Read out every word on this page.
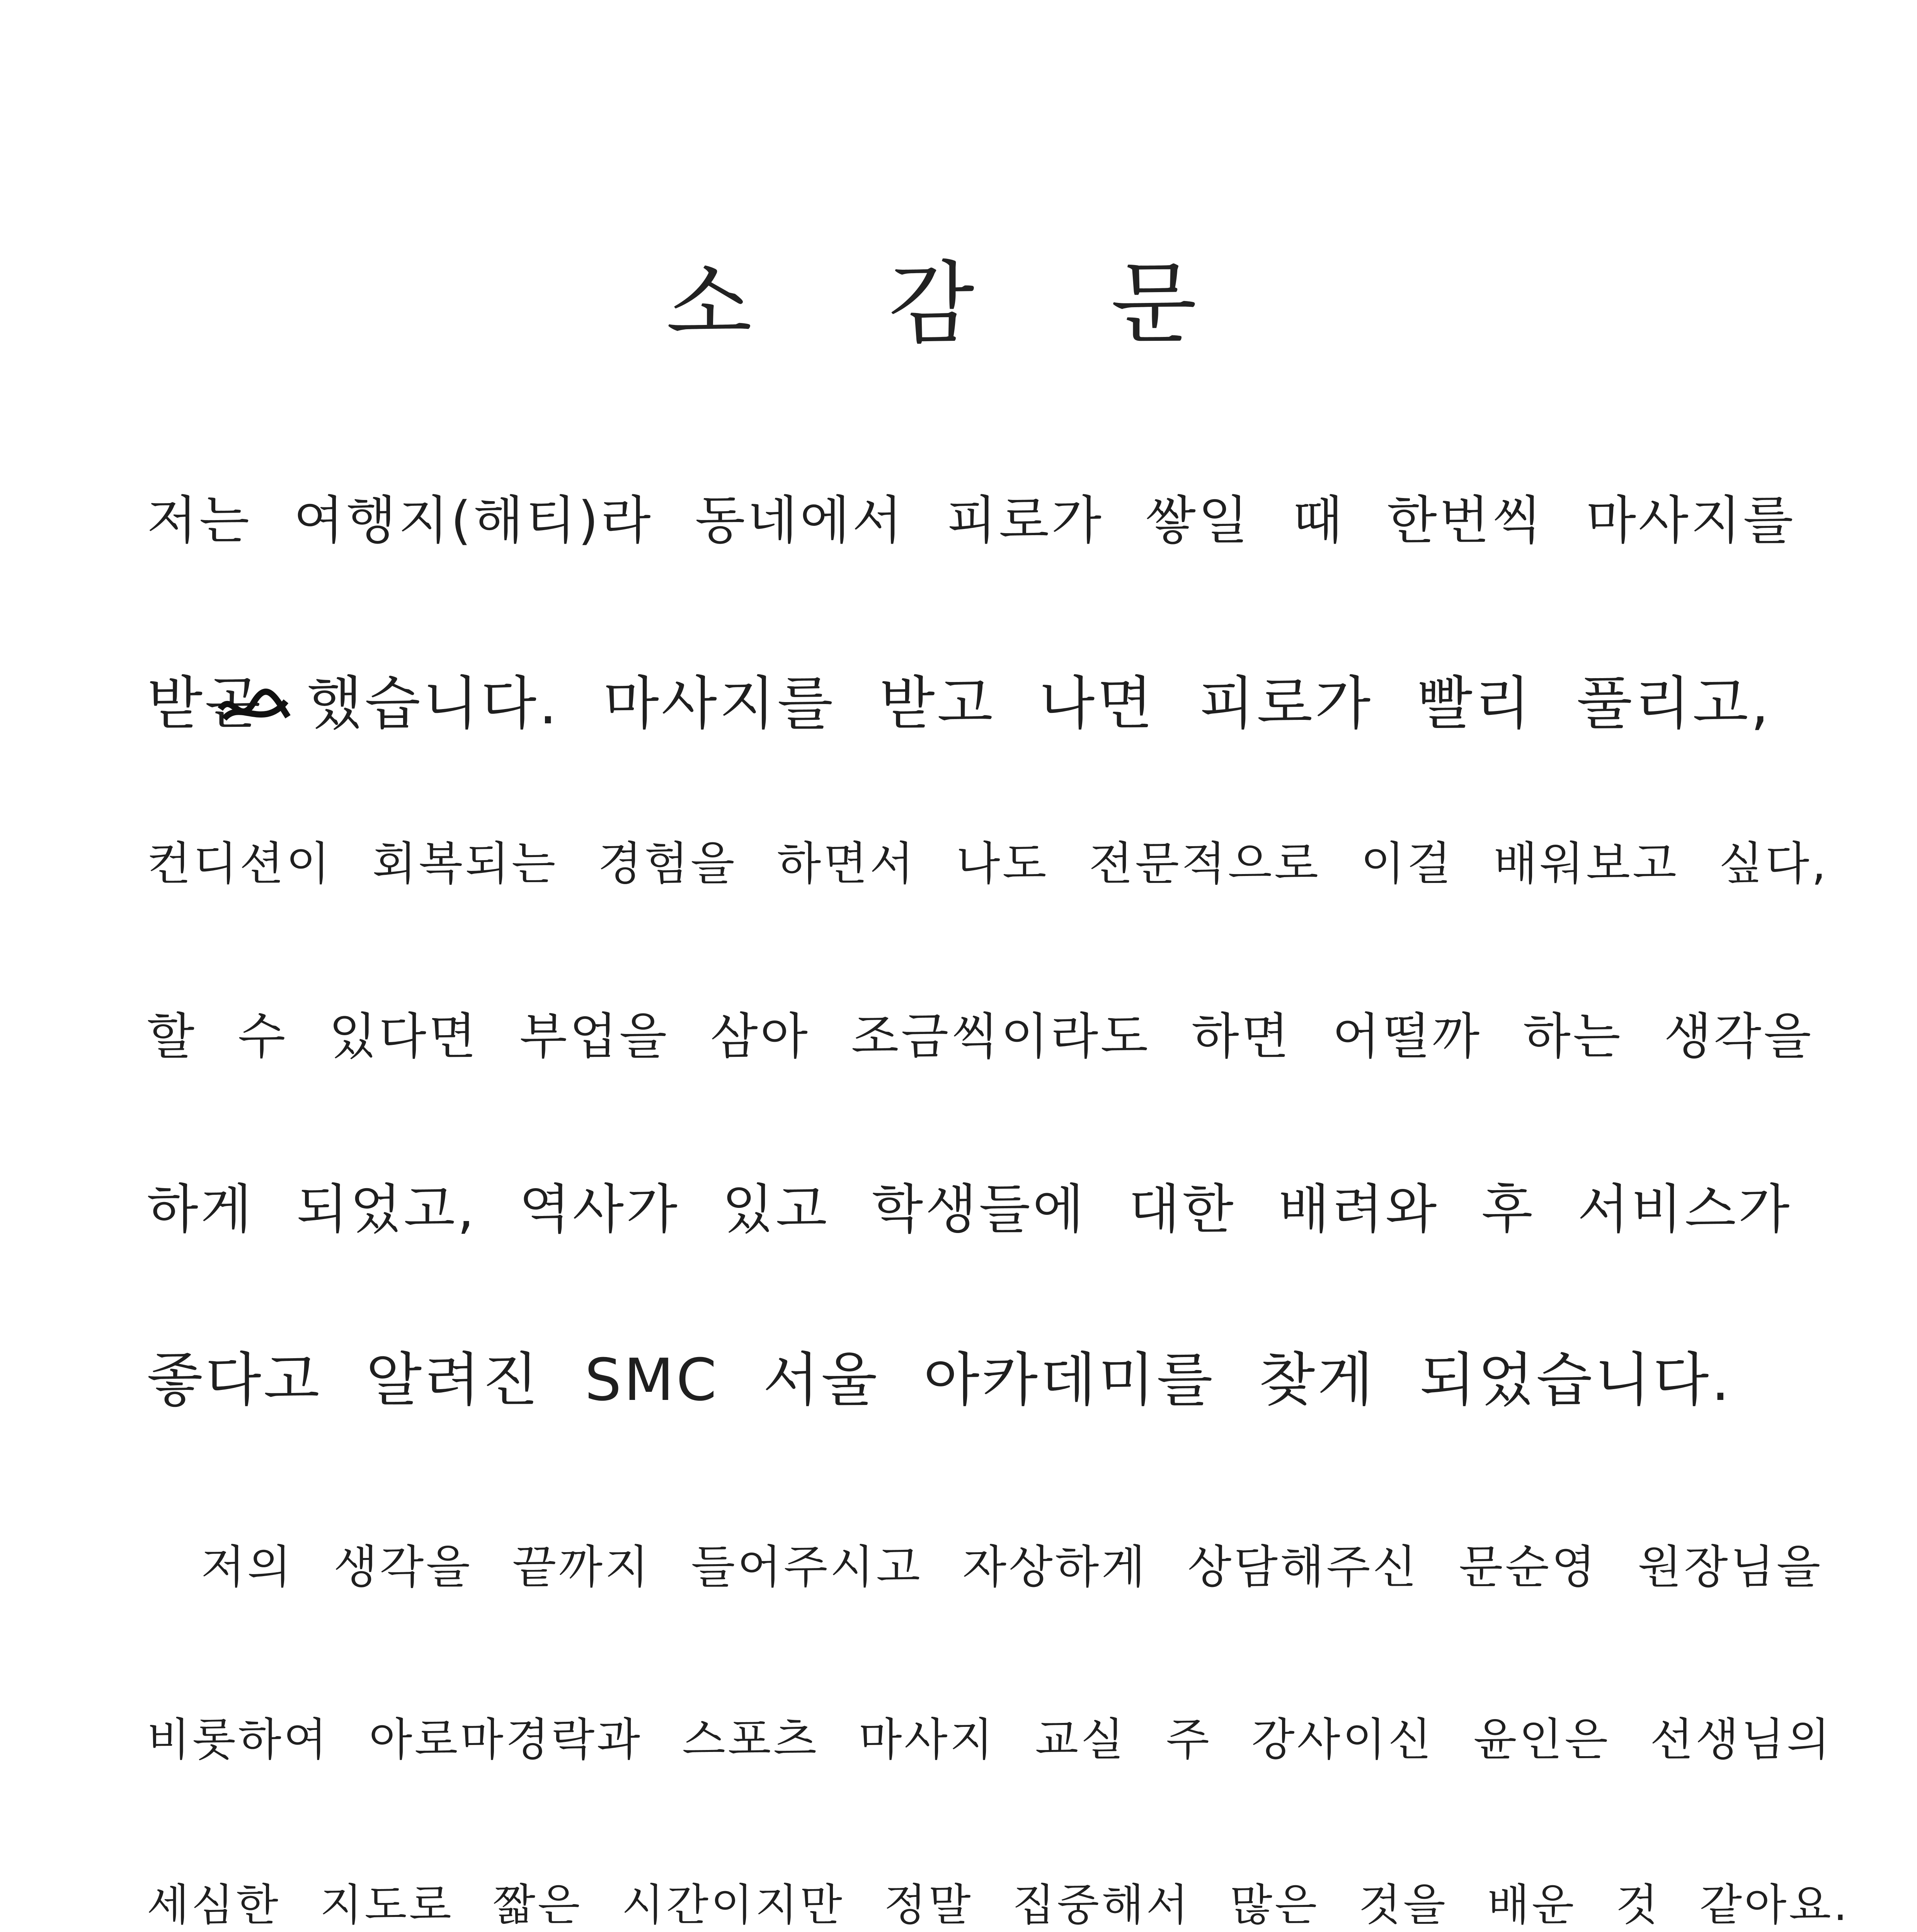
소 감 문
저는 여행지(해티)라 동네에서 피로가 쌓일 때 한번씩 마사지를
받곤 했습니다. 마사지를 받고 나면 피로가 빨리 풀리고,
컨디션이 회복되는 경험을 하면서 나도 전문적으로 이걸 배워보고 싶다,
할 수 있다면 부업을 삼아 조금씩이라도 하면 어떨까 하는 생각을
하게 되었고, 역사가 있고 학생들에 대한 배려와 후 서비스가
좋다고 알려진 SMC 서울 아카데미를 찾게 되었습니다.
저의 생각을 끝까지 들어주시고 자상하게 상담해주신 문순영 원장님을
비롯하여 아로마경락과 스포츠 마사지 교실 주 강사이신 윤인은 선생님의
세심한 지도로 짧은 시간이지만 정말 집중해서 많은 것을 배운 것 같아요.
